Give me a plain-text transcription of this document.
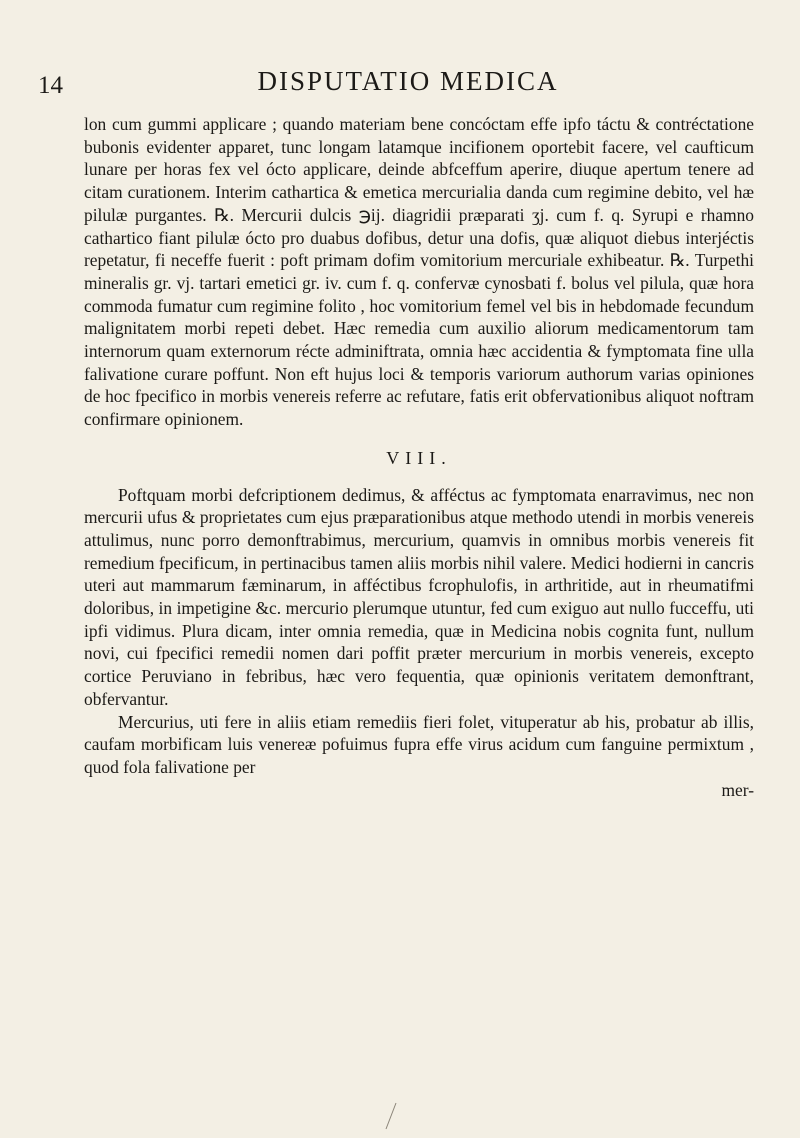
14	DISPUTATIO MEDICA

lon cum gummi applicare ; quando materiam bene concóctam effe ipfo táctu & contréctatione bubonis evidenter apparet, tunc longam latamque incifionem oportebit facere, vel caufticum lunare per horas fex vel ócto applicare, deinde abfceffum aperire, diuque apertum tenere ad citam curationem. Interim cathartica & emetica mercurialia danda cum regimine debito, vel hæ pilulæ purgantes. ℞. Mercurii dulcis ℈ij. diagridii præparati ʒj. cum f. q. Syrupi e rhamno cathartico fiant pilulæ ócto pro duabus dofibus, detur una dofis, quæ aliquot diebus interjéctis repetatur, fi neceffe fuerit : poft primam dofim vomitorium mercuriale exhibeatur. ℞. Turpethi mineralis gr. vj. tartari emetici gr. iv. cum f. q. confervæ cynosbati f. bolus vel pilula, quæ hora commoda fumatur cum regimine folito , hoc vomitorium femel vel bis in hebdomade fecundum malignitatem morbi repeti debet. Hæc remedia cum auxilio aliorum medicamentorum tam internorum quam externorum récte adminiftrata, omnia hæc accidentia & fymptomata fine ulla falivatione curare poffunt. Non eft hujus loci & temporis variorum authorum varias opiniones de hoc fpecifico in morbis venereis referre ac refutare, fatis erit obfervationibus aliquot noftram confirmare opinionem.

VIII.

Poftquam morbi defcriptionem dedimus, & afféctus ac fymptomata enarravimus, nec non mercurii ufus & proprietates cum ejus præparationibus atque methodo utendi in morbis venereis attulimus, nunc porro demonftrabimus, mercurium, quamvis in omnibus morbis venereis fit remedium fpecificum, in pertinacibus tamen aliis morbis nihil valere. Medici hodierni in cancris uteri aut mammarum fæminarum, in afféctibus fcrophulofis, in arthritide, aut in rheumatifmi doloribus, in impetigine &c. mercurio plerumque utuntur, fed cum exiguo aut nullo fucceffu, uti ipfi vidimus. Plura dicam, inter omnia remedia, quæ in Medicina nobis cognita funt, nullum novi, cui fpecifici remedii nomen dari poffit præter mercurium in morbis venereis, excepto cortice Peruviano in febribus, hæc vero fequentia, quæ opinionis veritatem demonftrant, obfervantur.

Mercurius, uti fere in aliis etiam remediis fieri folet, vituperatur ab his, probatur ab illis, caufam morbificam luis venereæ pofuimus fupra effe virus acidum cum fanguine permixtum , quod fola falivatione per

mer-
